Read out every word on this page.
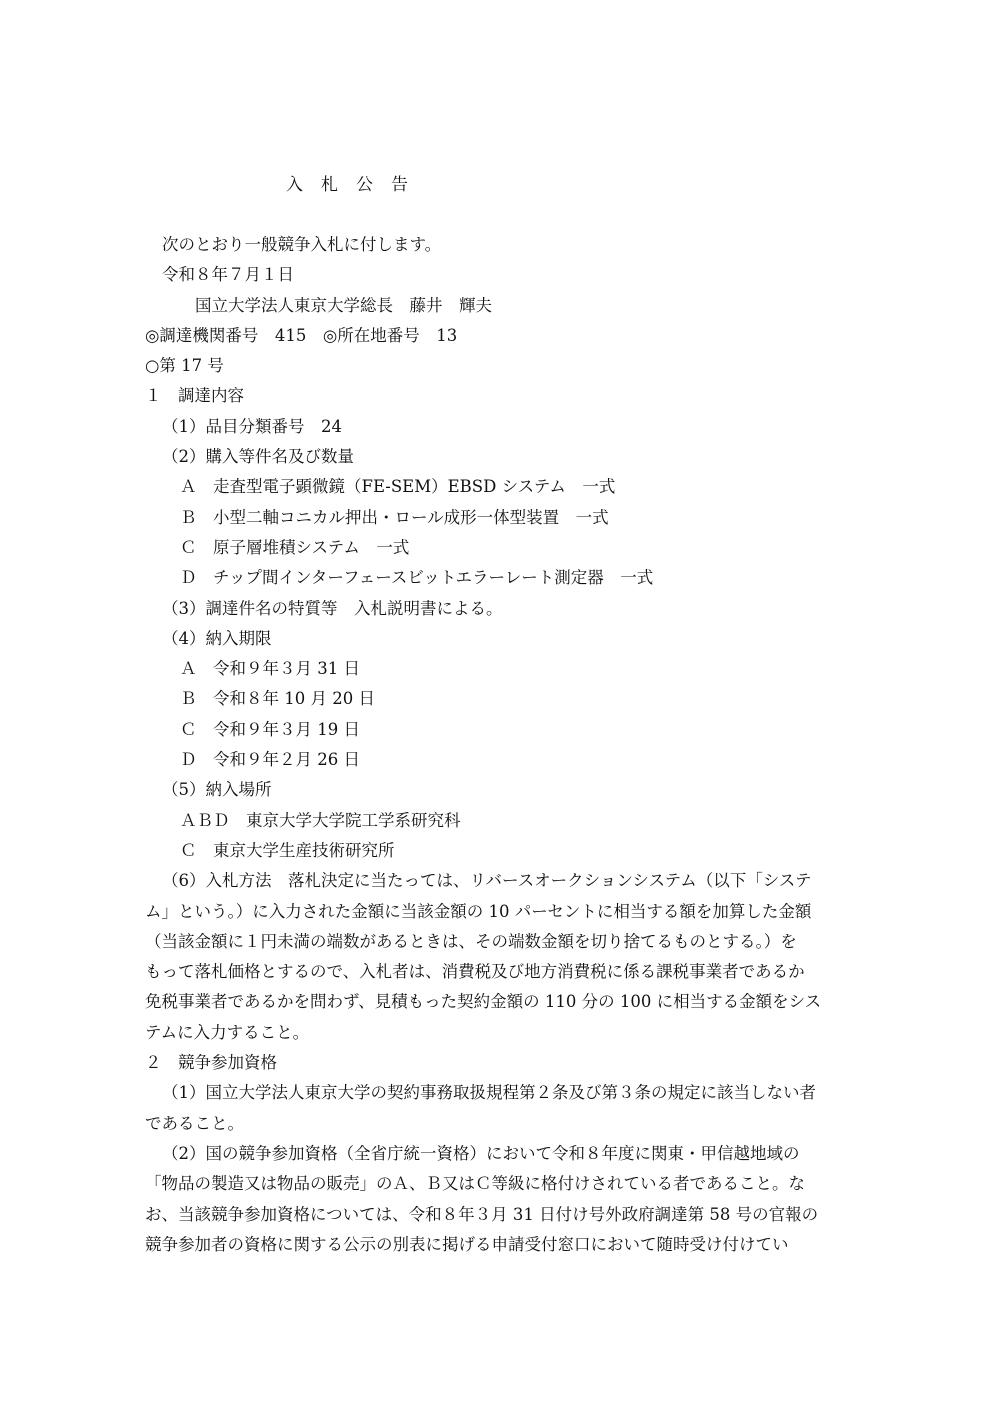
入札公告
次のとおり一般競争入札に付します。
令和８年７月１日
国立大学法人東京大学総長　藤井　輝夫
◎調達機関番号　415　◎所在地番号　13
○第 17 号
１　調達内容
（1）品目分類番号　24
（2）購入等件名及び数量
Ａ　走査型電子顕微鏡（FE-SEM）EBSD システム　一式
Ｂ　小型二軸コニカル押出・ロール成形一体型装置　一式
Ｃ　原子層堆積システム　一式
Ｄ　チップ間インターフェースビットエラーレート測定器　一式
（3）調達件名の特質等　入札説明書による。
（4）納入期限
Ａ　令和９年３月 31 日
Ｂ　令和８年 10 月 20 日
Ｃ　令和９年３月 19 日
Ｄ　令和９年２月 26 日
（5）納入場所
ＡＢＤ　東京大学大学院工学系研究科
Ｃ　東京大学生産技術研究所
（6）入札方法　落札決定に当たっては、リバースオークションシステム（以下「システ
ム」という。）に入力された金額に当該金額の 10 パーセントに相当する額を加算した金額
（当該金額に１円未満の端数があるときは、その端数金額を切り捨てるものとする。）を
もって落札価格とするので、入札者は、消費税及び地方消費税に係る課税事業者であるか
免税事業者であるかを問わず、見積もった契約金額の 110 分の 100 に相当する金額をシス
テムに入力すること。
２　競争参加資格
（1）国立大学法人東京大学の契約事務取扱規程第２条及び第３条の規定に該当しない者
であること。
（2）国の競争参加資格（全省庁統一資格）において令和８年度に関東・甲信越地域の
「物品の製造又は物品の販売」のＡ、Ｂ又はＣ等級に格付けされている者であること。な
お、当該競争参加資格については、令和８年３月 31 日付け号外政府調達第 58 号の官報の
競争参加者の資格に関する公示の別表に掲げる申請受付窓口において随時受け付けてい
